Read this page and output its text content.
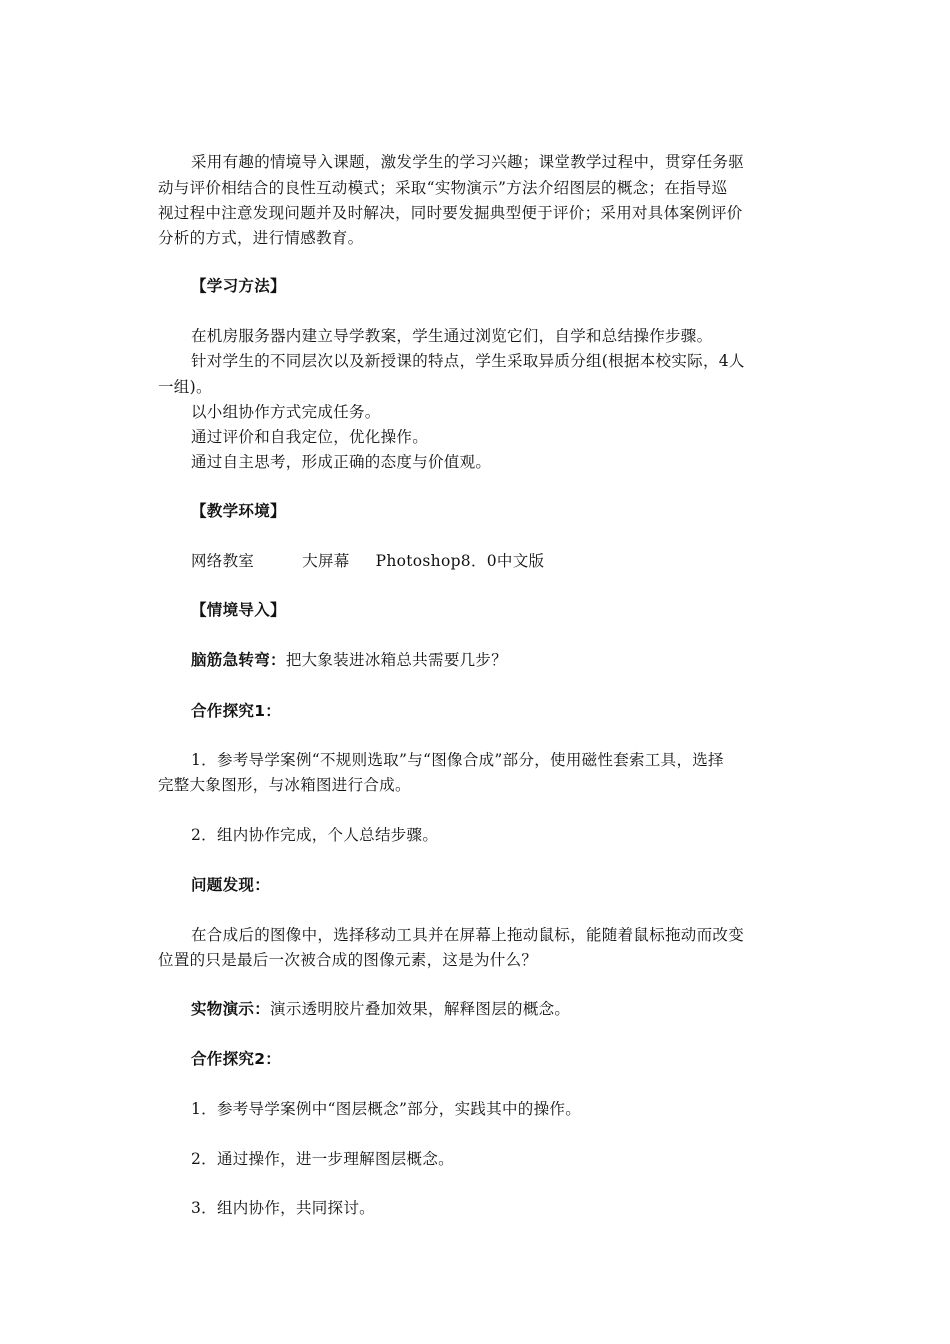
采用有趣的情境导入课题，激发学生的学习兴趣；课堂教学过程中，贯穿任务驱
动与评价相结合的良性互动模式；采取“实物演示”方法介绍图层的概念；在指导巡
视过程中注意发现问题并及时解决，同时要发掘典型便于评价；采用对具体案例评价
分析的方式，进行情感教育。
【学习方法】
在机房服务器内建立导学教案，学生通过浏览它们，自学和总结操作步骤。
针对学生的不同层次以及新授课的特点，学生采取异质分组(根据本校实际，4人
一组)。
以小组协作方式完成任务。
通过评价和自我定位，优化操作。
通过自主思考，形成正确的态度与价值观。
【教学环境】
网络教室	大屏幕 Photoshop8．0中文版
【情境导入】
脑筋急转弯：把大象装进冰箱总共需要几步？
合作探究1：
1．参考导学案例“不规则选取”与“图像合成”部分，使用磁性套索工具，选择
完整大象图形，与冰箱图进行合成。
2．组内协作完成，个人总结步骤。
问题发现：
在合成后的图像中，选择移动工具并在屏幕上拖动鼠标，能随着鼠标拖动而改变
位置的只是最后一次被合成的图像元素，这是为什么？
实物演示：演示透明胶片叠加效果，解释图层的概念。
合作探究2：
1．参考导学案例中“图层概念”部分，实践其中的操作。
2．通过操作，进一步理解图层概念。
3．组内协作，共同探讨。
